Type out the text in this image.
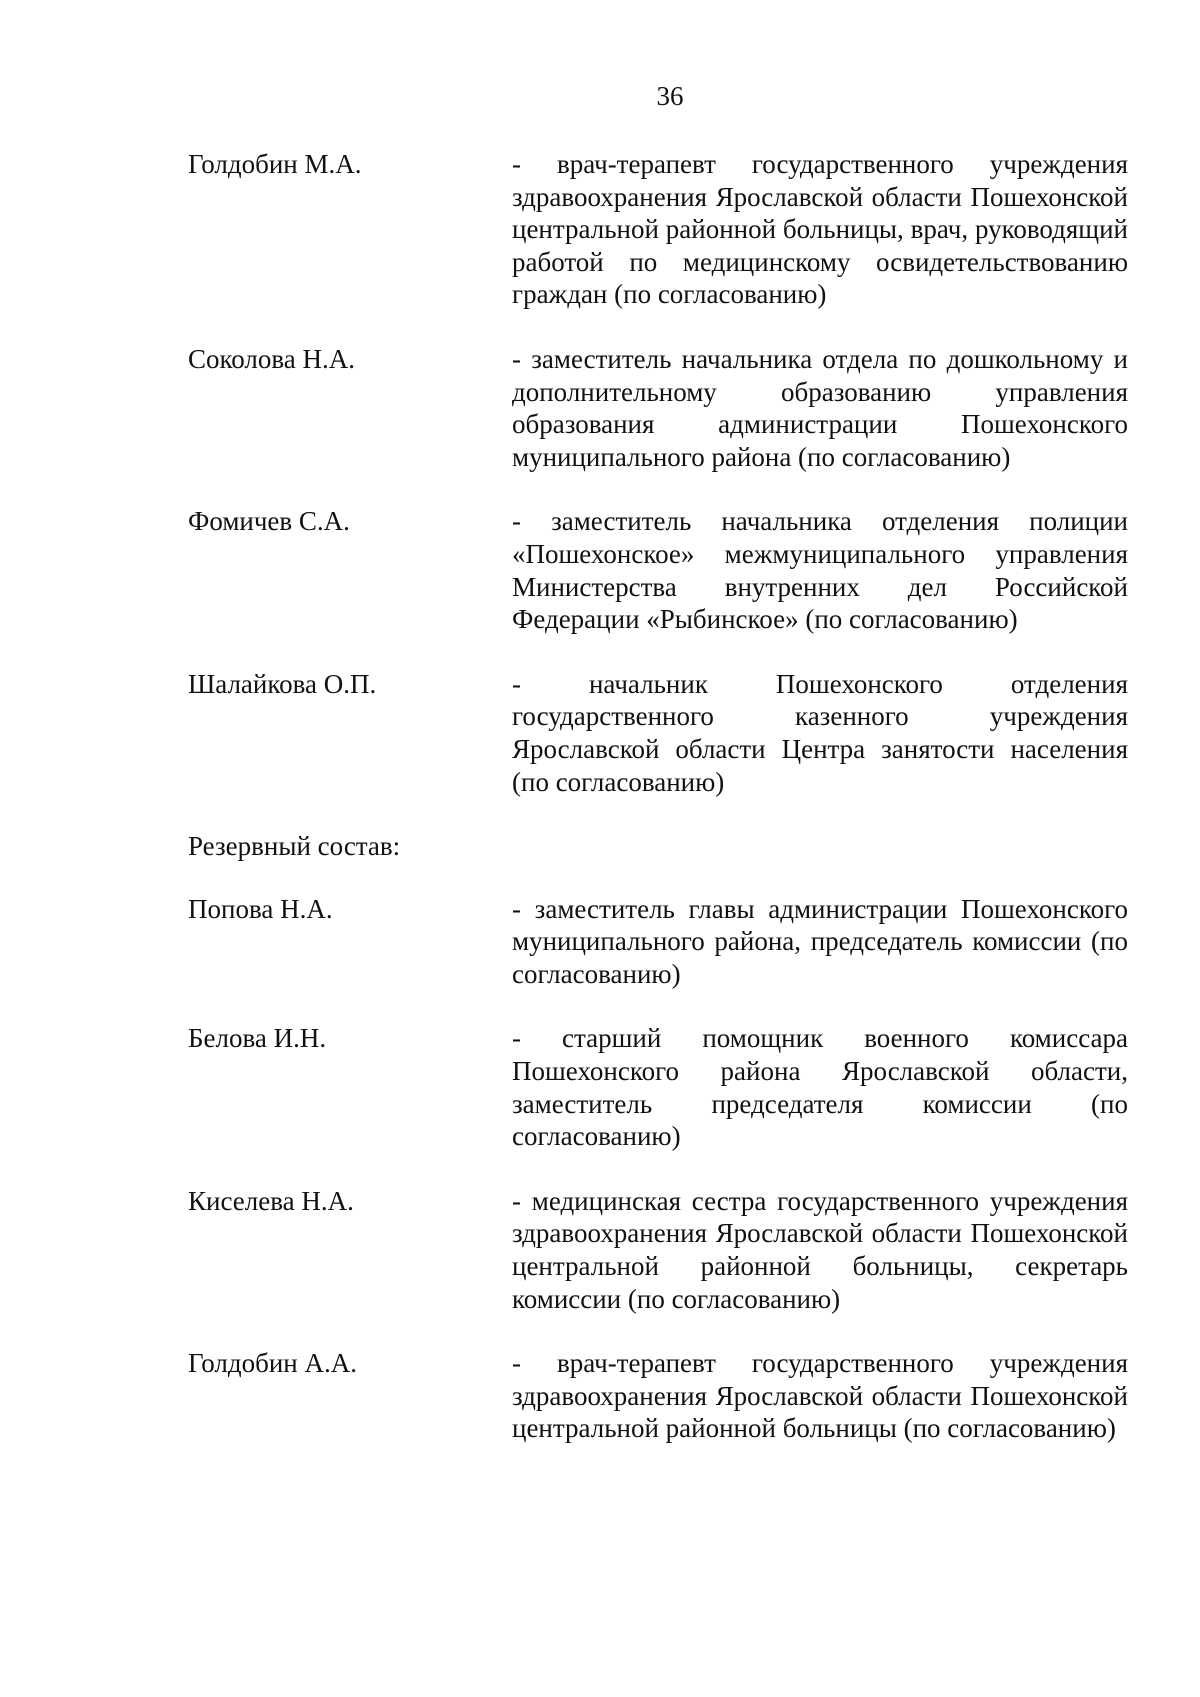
36
Голдобин М.А.	- врач-терапевт государственного учреждения здравоохранения Ярославской области Пошехонской центральной районной больницы, врач, руководящий работой по медицинскому освидетельствованию граждан (по согласованию)
Соколова Н.А.	- заместитель начальника отдела по дошкольному и дополнительному образованию управления образования администрации Пошехонского муниципального района (по согласованию)
Фомичев С.А.	- заместитель начальника отделения полиции «Пошехонское» межмуниципального управления Министерства внутренних дел Российской Федерации «Рыбинское» (по согласованию)
Шалайкова О.П.	- начальник Пошехонского отделения государственного казенного учреждения Ярославской области Центра занятости населения (по согласованию)
Резервный состав:
Попова Н.А.	- заместитель главы администрации Пошехонского муниципального района, председатель комиссии (по согласованию)
Белова И.Н.	- старший помощник военного комиссара Пошехонского района Ярославской области, заместитель председателя комиссии (по согласованию)
Киселева Н.А.	- медицинская сестра государственного учреждения здравоохранения Ярославской области Пошехонской центральной районной больницы, секретарь комиссии (по согласованию)
Голдобин А.А.	- врач-терапевт государственного учреждения здравоохранения Ярославской области Пошехонской центральной районной больницы (по согласованию)
